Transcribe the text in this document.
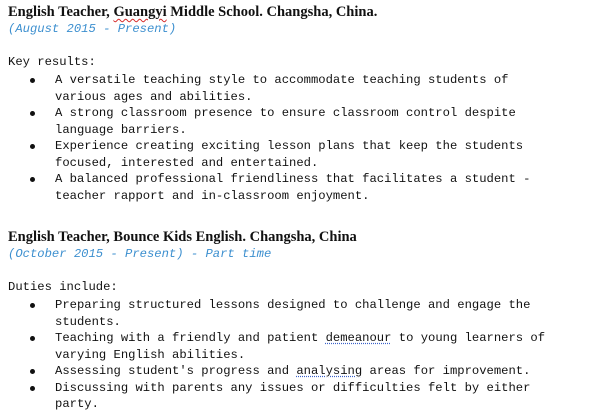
English Teacher, Guangyi Middle School. Changsha, China.
(August 2015 - Present)
Key results:
A versatile teaching style to accommodate teaching students of
various ages and abilities.
A strong classroom presence to ensure classroom control despite
language barriers.
Experience creating exciting lesson plans that keep the students
focused, interested and entertained.
A balanced professional friendliness that facilitates a student -
teacher rapport and in-classroom enjoyment.
English Teacher, Bounce Kids English. Changsha, China
(October 2015 - Present) - Part time
Duties include:
Preparing structured lessons designed to challenge and engage the
students.
Teaching with a friendly and patient demeanour to young learners of
varying English abilities.
Assessing student's progress and analysing areas for improvement.
Discussing with parents any issues or difficulties felt by either
party.
